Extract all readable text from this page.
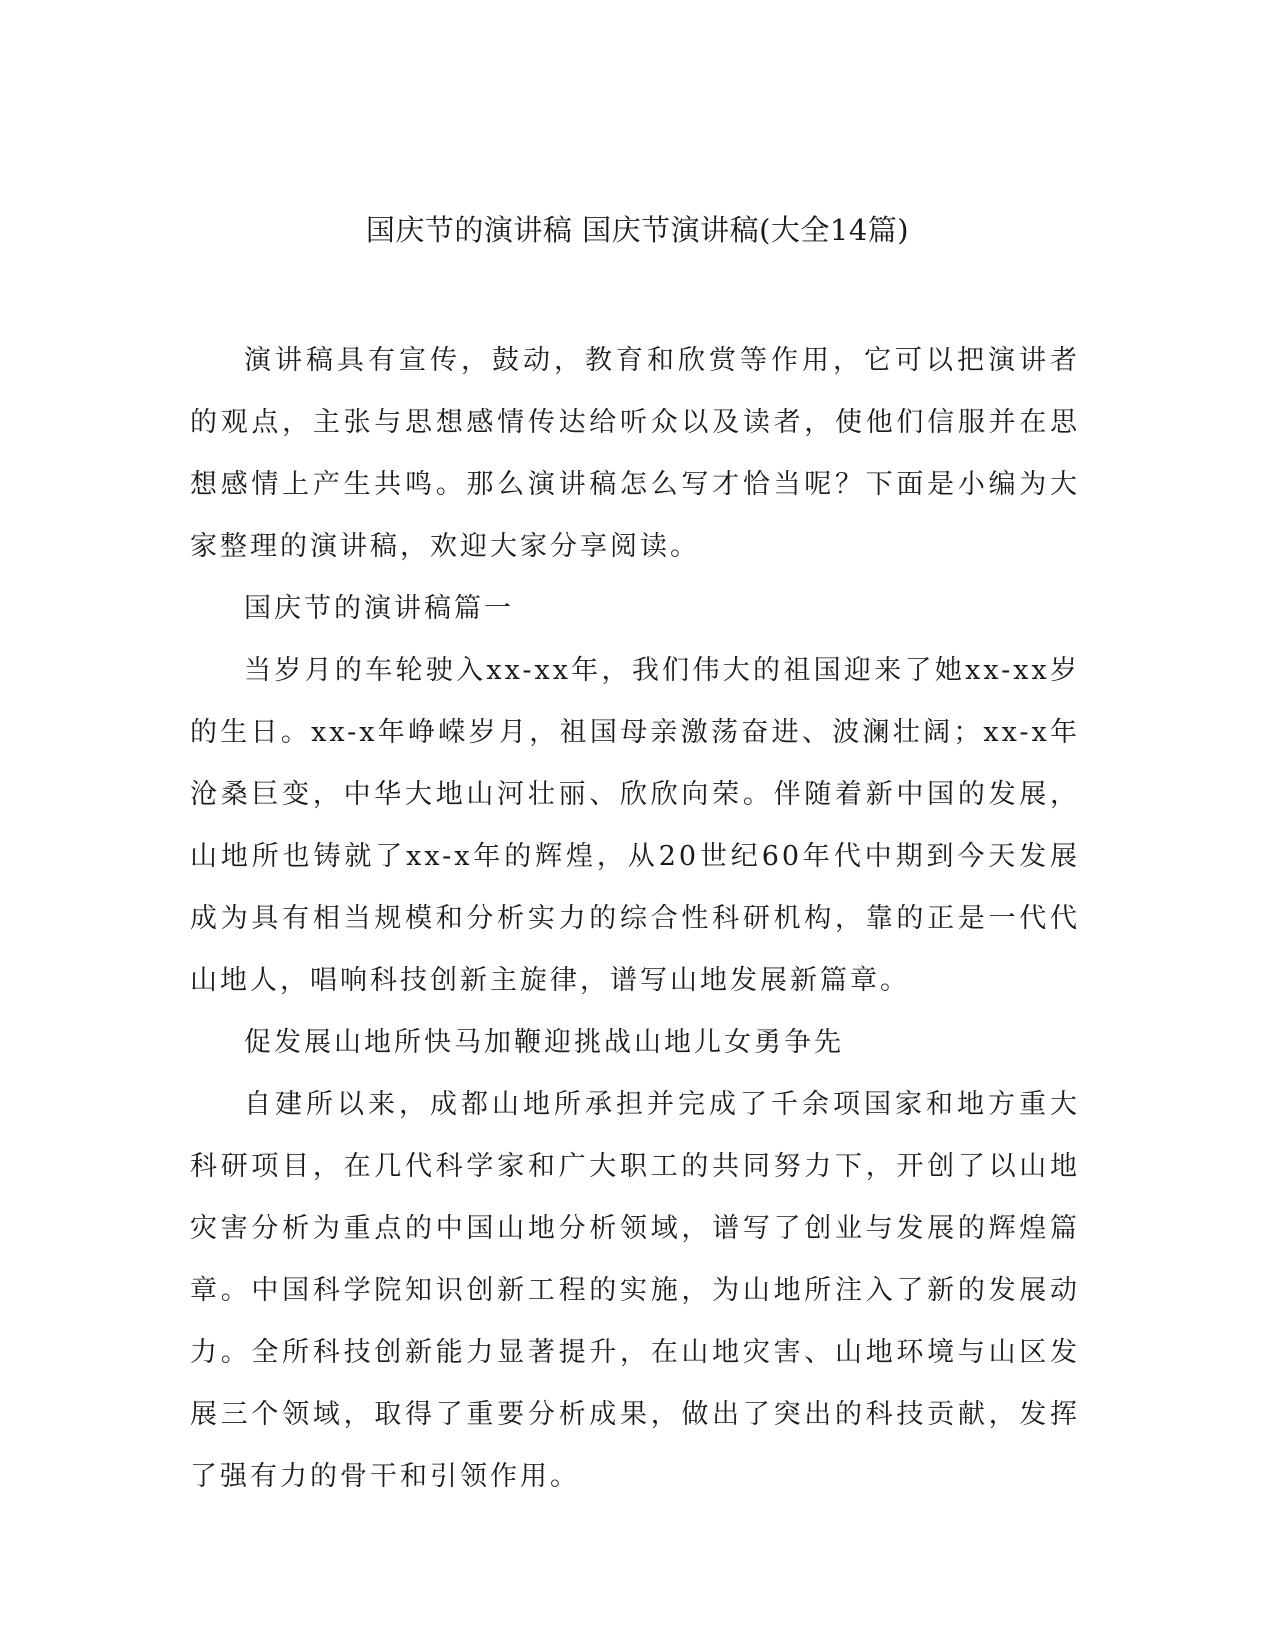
国庆节的演讲稿 国庆节演讲稿(大全14篇)

演讲稿具有宣传，鼓动，教育和欣赏等作用，它可以把演讲者的观点，主张与思想感情传达给听众以及读者，使他们信服并在思想感情上产生共鸣。那么演讲稿怎么写才恰当呢？下面是小编为大家整理的演讲稿，欢迎大家分享阅读。

国庆节的演讲稿篇一

当岁月的车轮驶入xx-xx年，我们伟大的祖国迎来了她xx-xx岁的生日。xx-x年峥嵘岁月，祖国母亲激荡奋进、波澜壮阔；xx-x年沧桑巨变，中华大地山河壮丽、欣欣向荣。伴随着新中国的发展，山地所也铸就了xx-x年的辉煌，从20世纪60年代中期到今天发展成为具有相当规模和分析实力的综合性科研机构，靠的正是一代代山地人，唱响科技创新主旋律，谱写山地发展新篇章。

促发展山地所快马加鞭迎挑战山地儿女勇争先

自建所以来，成都山地所承担并完成了千余项国家和地方重大科研项目，在几代科学家和广大职工的共同努力下，开创了以山地灾害分析为重点的中国山地分析领域，谱写了创业与发展的辉煌篇章。中国科学院知识创新工程的实施，为山地所注入了新的发展动力。全所科技创新能力显著提升，在山地灾害、山地环境与山区发展三个领域，取得了重要分析成果，做出了突出的科技贡献，发挥了强有力的骨干和引领作用。
